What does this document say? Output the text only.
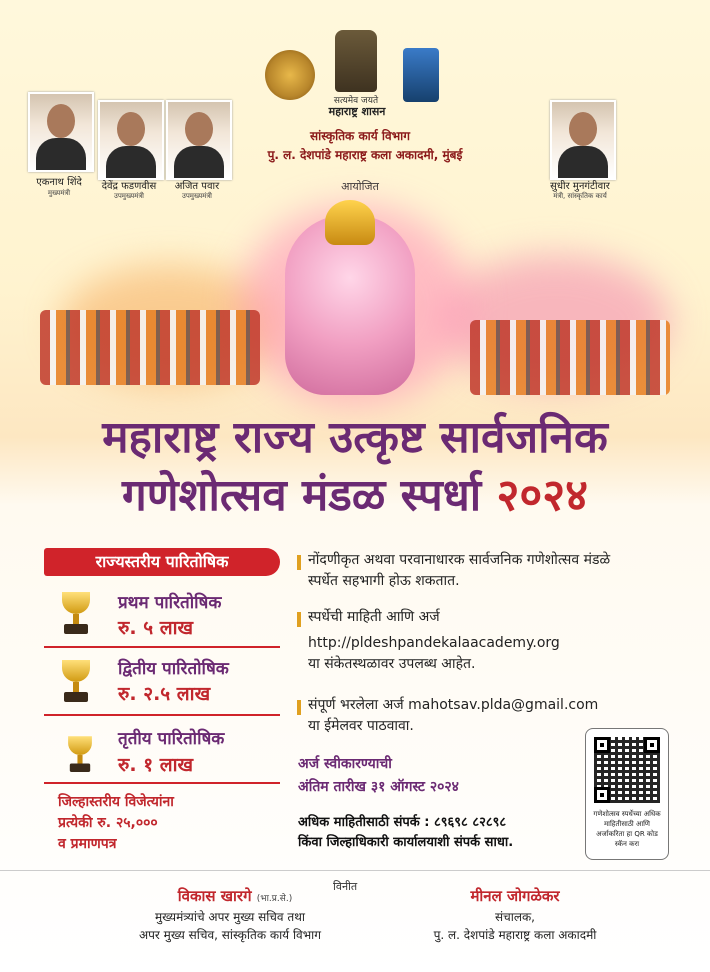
सत्यमेव जयते
महाराष्ट्र शासन
सांस्कृतिक कार्य विभाग
पु. ल. देशपांडे महाराष्ट्र कला अकादमी, मुंबई
आयोजित
एकनाथ शिंदे
मुख्यमंत्री
देवेंद्र फडणवीस
उपमुख्यमंत्री
अजित पवार
उपमुख्यमंत्री
सुधीर मुनगंटीवार
मंत्री, सांस्कृतिक कार्य
महाराष्ट्र राज्य उत्कृष्ट सार्वजनिक
गणेशोत्सव मंडळ स्पर्धा २०२४
राज्यस्तरीय पारितोषिक
प्रथम पारितोषिक
रु. ५ लाख
द्वितीय पारितोषिक
रु. २.५ लाख
तृतीय पारितोषिक
रु. १ लाख
जिल्हास्तरीय विजेत्यांना
प्रत्येकी रु. २५,०००
व प्रमाणपत्र
नोंदणीकृत अथवा परवानाधारक सार्वजनिक गणेशोत्सव मंडळे
स्पर्धेत सहभागी होऊ शकतात.
स्पर्धेची माहिती आणि अर्ज
http://pldeshpandekalaacademy.org
या संकेतस्थळावर उपलब्ध आहेत.
संपूर्ण भरलेला अर्ज mahotsav.plda@gmail.com
या ईमेलवर पाठवावा.
अर्ज स्वीकारण्याची
अंतिम तारीख ३१ ऑगस्ट २०२४
अधिक माहितीसाठी संपर्क : ८९६९८ ८२८९८
किंवा जिल्हाधिकारी कार्यालयाशी संपर्क साधा.
गणेशोत्सव स्पर्धेच्या अधिक माहितीसाठी आणि अर्जाकरिता हा QR कोड स्कॅन करा
विनीत
विकास खारगे (भा.प्र.से.)
मुख्यमंत्र्यांचे अपर मुख्य सचिव तथा
अपर मुख्य सचिव, सांस्कृतिक कार्य विभाग
मीनल जोगळेकर
संचालक,
पु. ल. देशपांडे महाराष्ट्र कला अकादमी
